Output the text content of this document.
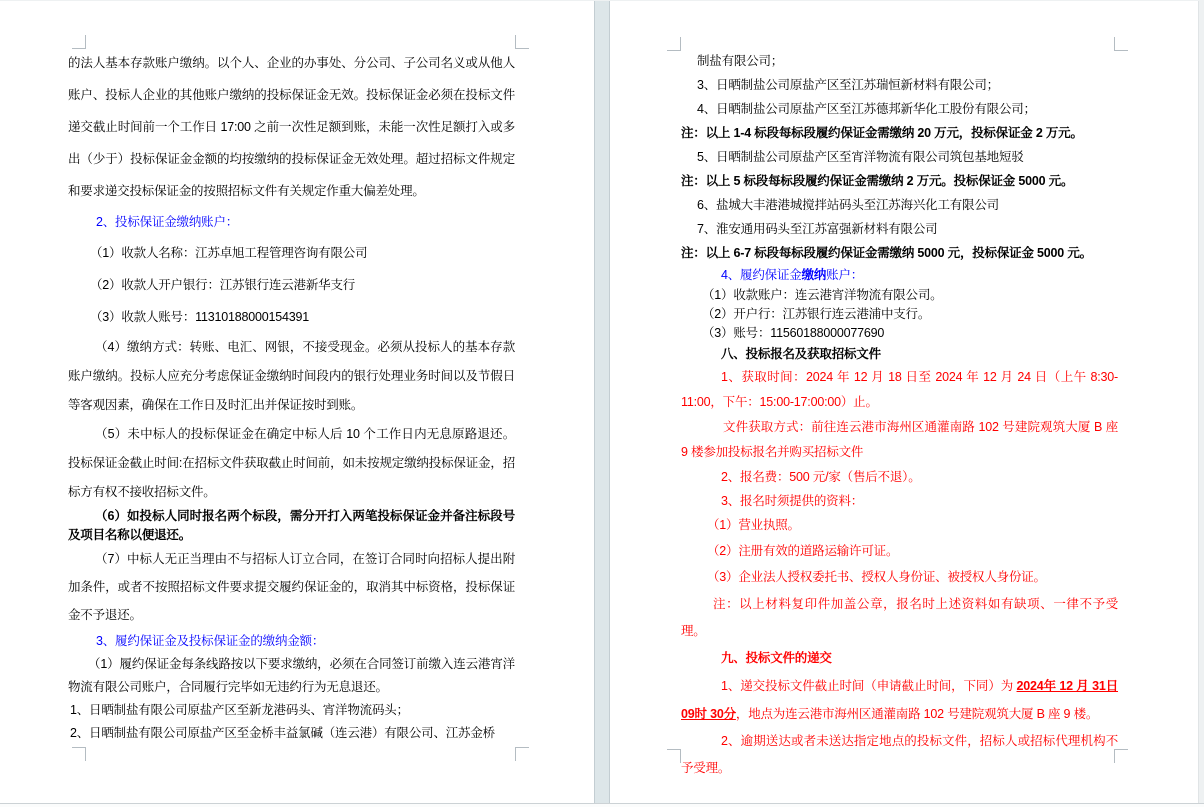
的法人基本存款账户缴纳。以个人、企业的办事处、分公司、子公司名义或从他人账户、投标人企业的其他账户缴纳的投标保证金无效。投标保证金必须在投标文件递交截止时间前一个工作日 17:00 之前一次性足额到账，未能一次性足额打入或多出（少于）投标保证金金额的均按缴纳的投标保证金无效处理。超过招标文件规定和要求递交投标保证金的按照招标文件有关规定作重大偏差处理。

2、投标保证金缴纳账户：

（1）收款人名称：江苏卓旭工程管理咨询有限公司

（2）收款人开户银行：江苏银行连云港新华支行

（3）收款人账号：11310188000154391

（4）缴纳方式：转账、电汇、网银，不接受现金。必须从投标人的基本存款账户缴纳。投标人应充分考虑保证金缴纳时间段内的银行处理业务时间以及节假日等客观因素，确保在工作日及时汇出并保证按时到账。

（5）未中标人的投标保证金在确定中标人后 10 个工作日内无息原路退还。投标保证金截止时间:在招标文件获取截止时间前，如未按规定缴纳投标保证金，招标方有权不接收招标文件。

（6）如投标人同时报名两个标段，需分开打入两笔投标保证金并备注标段号及项目名称以便退还。

（7）中标人无正当理由不与招标人订立合同，在签订合同时向招标人提出附加条件，或者不按照招标文件要求提交履约保证金的，取消其中标资格，投标保证金不予退还。

3、履约保证金及投标保证金的缴纳金额：

（1）履约保证金每条线路按以下要求缴纳，必须在合同签订前缴入连云港宵洋物流有限公司账户，合同履行完毕如无违约行为无息退还。

1、日晒制盐有限公司原盐产区至新龙港码头、宵洋物流码头；

2、日晒制盐有限公司原盐产区至金桥丰益氯碱（连云港）有限公司、江苏金桥

制盐有限公司；

3、日晒制盐公司原盐产区至江苏瑞恒新材料有限公司；

4、日晒制盐公司原盐产区至江苏德邦新华化工股份有限公司；

注：以上 1-4 标段每标段履约保证金需缴纳 20 万元，投标保证金 2 万元。

5、日晒制盐公司原盐产区至宵洋物流有限公司筑包基地短驳

注：以上 5 标段每标段履约保证金需缴纳 2 万元。投标保证金 5000 元。

6、盐城大丰港港城搅拌站码头至江苏海兴化工有限公司

7、淮安通用码头至江苏富强新材料有限公司

注：以上 6-7 标段每标段履约保证金需缴纳 5000 元，投标保证金 5000 元。

4、履约保证金缴纳账户：

（1）收款账户：连云港宵洋物流有限公司。

（2）开户行：江苏银行连云港浦中支行。

（3）账号：11560188000077690

八、投标报名及获取招标文件

1、获取时间：2024 年 12 月 18 日至 2024 年 12 月 24 日（上午 8:30-11:00，下午：15:00-17:00:00）止。

文件获取方式：前往连云港市海州区通灌南路 102 号建院观筑大厦 B 座 9 楼参加投标报名并购买招标文件

2、报名费：500 元/家（售后不退）。

3、报名时须提供的资料：

（1）营业执照。

（2）注册有效的道路运输许可证。

（3）企业法人授权委托书、授权人身份证、被授权人身份证。

注：以上材料复印件加盖公章，报名时上述资料如有缺项、一律不予受理。

九、投标文件的递交

1、递交投标文件截止时间（申请截止时间，下同）为 2024年 12 月 31日 09时 30分，地点为连云港市海州区通灌南路 102 号建院观筑大厦 B 座 9 楼。

2、逾期送达或者未送达指定地点的投标文件，招标人或招标代理机构不予受理。
